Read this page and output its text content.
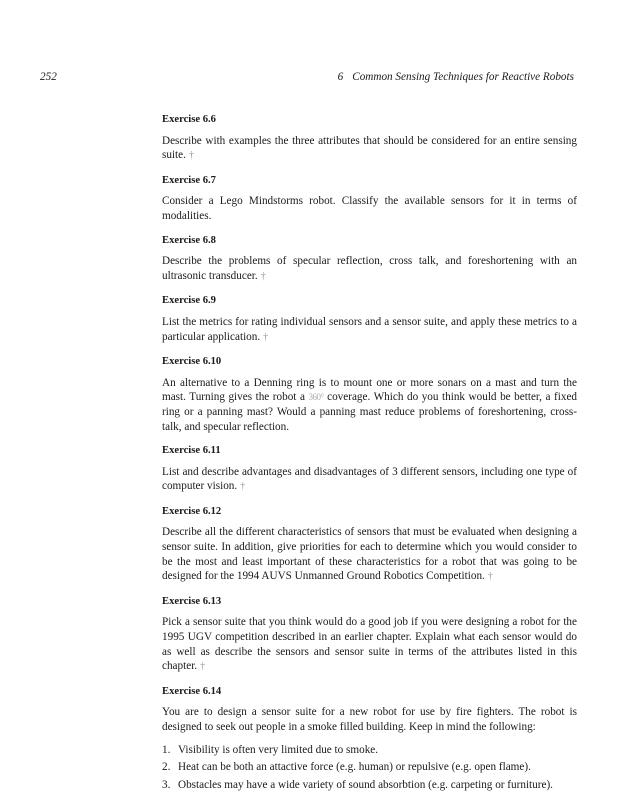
252	6 Common Sensing Techniques for Reactive Robots
Exercise 6.6
Describe with examples the three attributes that should be considered for an entire sensing suite. †
Exercise 6.7
Consider a Lego Mindstorms robot. Classify the available sensors for it in terms of modalities.
Exercise 6.8
Describe the problems of specular reflection, cross talk, and foreshortening with an ultrasonic transducer. †
Exercise 6.9
List the metrics for rating individual sensors and a sensor suite, and apply these metrics to a particular application. †
Exercise 6.10
An alternative to a Denning ring is to mount one or more sonars on a mast and turn the mast. Turning gives the robot a 360° coverage. Which do you think would be better, a fixed ring or a panning mast? Would a panning mast reduce problems of foreshortening, cross-talk, and specular reflection.
Exercise 6.11
List and describe advantages and disadvantages of 3 different sensors, including one type of computer vision. †
Exercise 6.12
Describe all the different characteristics of sensors that must be evaluated when designing a sensor suite. In addition, give priorities for each to determine which you would consider to be the most and least important of these characteristics for a robot that was going to be designed for the 1994 AUVS Unmanned Ground Robotics Competition. †
Exercise 6.13
Pick a sensor suite that you think would do a good job if you were designing a robot for the 1995 UGV competition described in an earlier chapter. Explain what each sensor would do as well as describe the sensors and sensor suite in terms of the attributes listed in this chapter. †
Exercise 6.14
You are to design a sensor suite for a new robot for use by fire fighters. The robot is designed to seek out people in a smoke filled building. Keep in mind the following:
1. Visibility is often very limited due to smoke.
2. Heat can be both an attactive force (e.g. human) or repulsive (e.g. open flame).
3. Obstacles may have a wide variety of sound absorbtion (e.g. carpeting or furniture).
